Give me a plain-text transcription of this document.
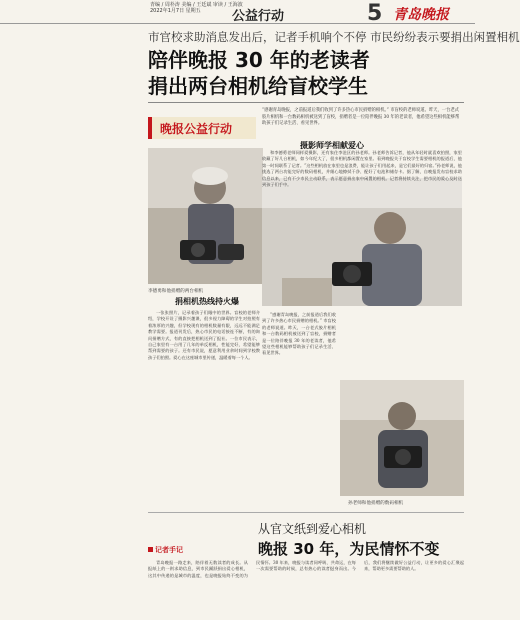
青编 / 周朴涛 美编 / 王廷斌 审读 / 王海波
2022年1月7日 星期五	公益行动	5 青岛晚报
市官校求助消息发出后，记者手机响个不停 市民纷纷表示要捐出闲置相机
陪伴晚报 30 年的老读者
捐出两台相机给盲校学生
晚报公益行动
“感谢青岛晚报，之前报道后我们收到了许多热心市民捐赠的相机。” 市盲校的老师说道。昨天，一台老式胶片相机和一台数码相机被送到了盲校，捐赠者是一位陪伴晚报 30 年的老读者，他希望这些相机能够帮助孩子们记录生活、看见世界。
李德勇和他捐赠的两台相机
摄影师学相献爱心
捐相机热线持火爆

一张张照片，记录着孩子们眼中的世界。盲校的老师介绍，学校开设了摄影兴趣课，很多视力障碍的学生对拍照有着浓厚的兴趣，但学校现有的相机数量有限，远远不能满足教学需要。报道刊发后，热心市民的电话接连不断，有的询问捐赠方式，有的直接把相机送到了报社。一位市民表示，自己家里有一台用了几年的单反相机，性能完好，希望能够帮到需要的孩子。还有市民说，愿意利用业余时间到学校教孩子们拍照。爱心在这座城市里传递，温暖着每一个人。

和李德勇老师同样爱摄影，还有家住李沧区的孙老师。孙老师告诉记者，他从年轻时就喜欢拍照，家里收藏了好几台相机，如今年纪大了，很多相机都闲置在家里。看到晚报关于盲校学生需要相机的报道后，他第一时间联系了记者。“这些相机放在家里也是浪费，能让孩子们用起来，是它们最好的归宿。”孙老师说，他挑选了两台功能完好的数码相机，并细心地擦拭干净、配好了电池和储存卡。据了解，自晚报发布盲校求助信息以来，已有不少市民主动联系，表示愿意捐出家中闲置的相机。记者将持续关注，把市民的爱心及时送到孩子们手中。

孙老师和他捐赠的数码相机

“感谢青岛晚报，之前报道后我们收到了许多热心市民捐赠的相机。” 市盲校的老师说道。昨天，一台老式胶片相机和一台数码相机被送到了盲校，捐赠者是一位陪伴晚报 30 年的老读者，他希望这些相机能够帮助孩子们记录生活、看见世界。

从官文纸到爱心相机
晚报 30 年，为民情怀不变
记者手记

青岛晚报一路走来，陪伴着无数读者的成长。从报纸上的一则求助信息，到市民踊跃捐出爱心相机，这其中传递的是城市的温度，也是晚报始终不变的为民情怀。30 年来，晚报与读者同呼吸、共命运，在每一次需要帮助的时候，总有热心的读者挺身而出。今后，我们将继续做好公益行动，让更多的爱心汇聚起来，帮助更多需要帮助的人。
